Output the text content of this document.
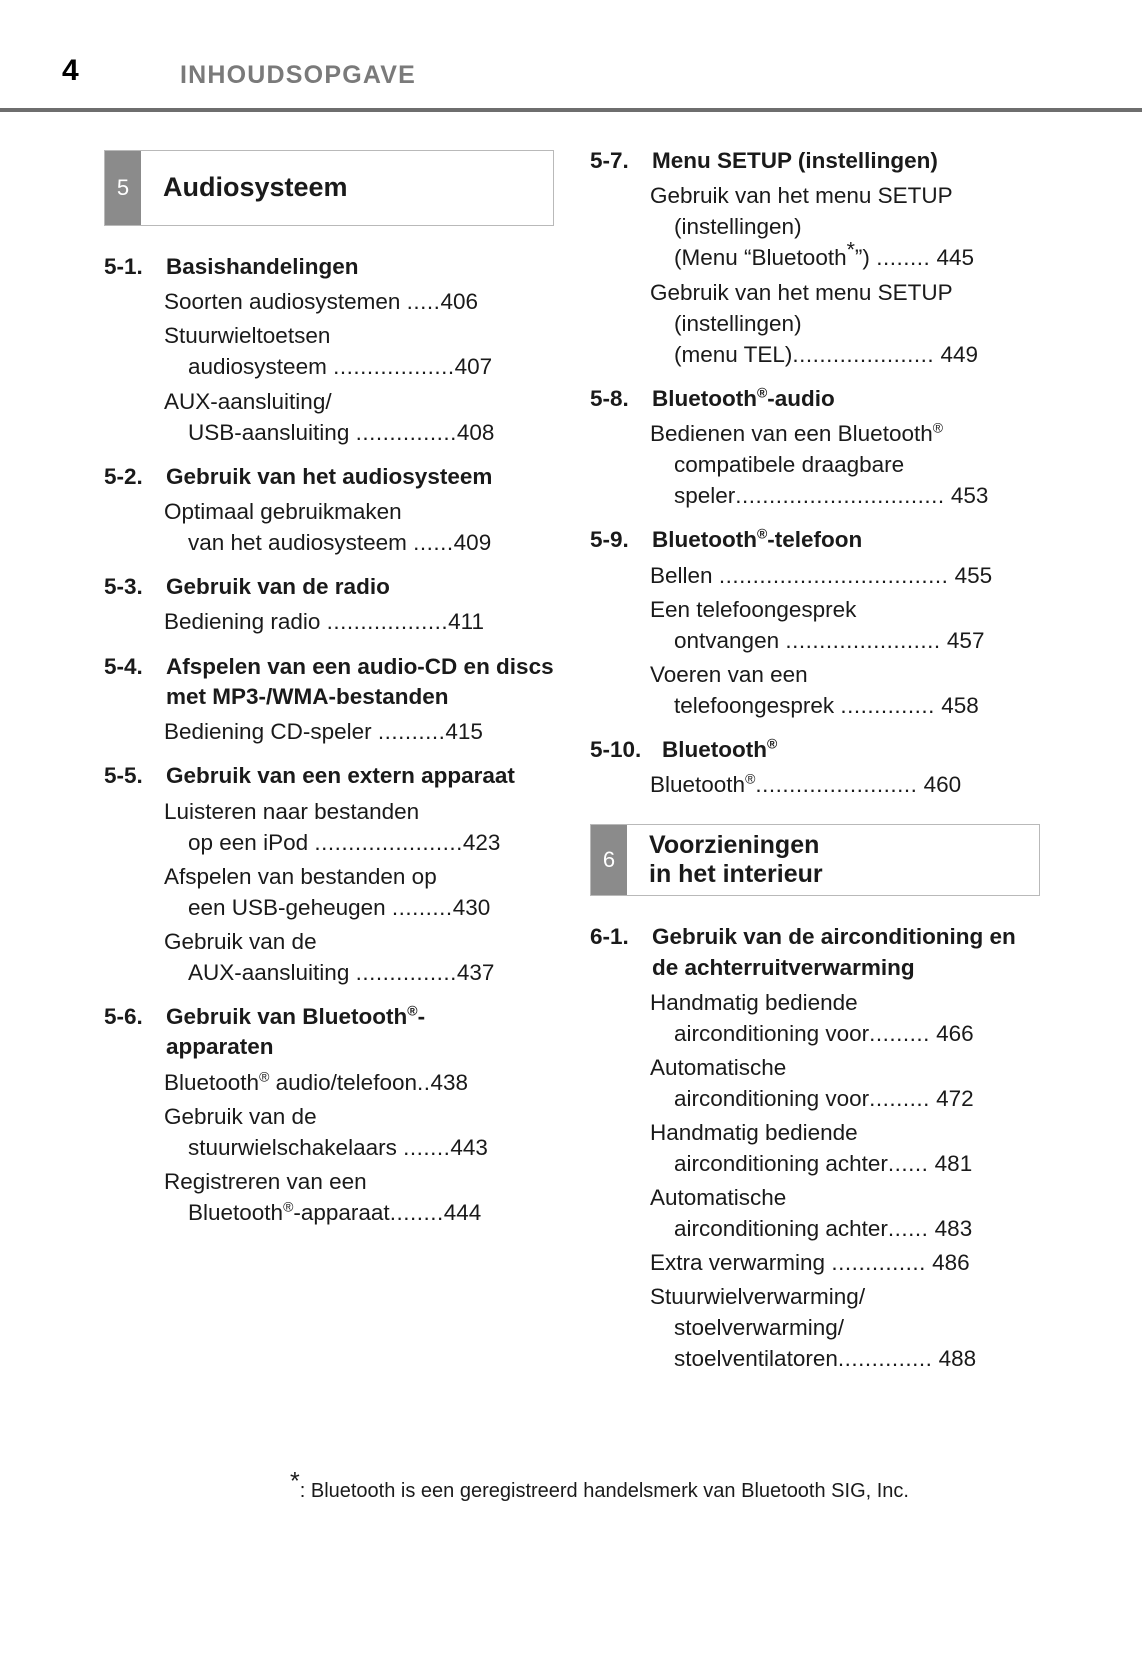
4	INHOUDSOPGAVE
5	Audiosysteem
5-1.	Basishandelingen
Soorten audiosystemen .....406
Stuurwieltoetsen
audiosysteem ..................407
AUX-aansluiting/
USB-aansluiting ...............408
5-2.	Gebruik van het audiosysteem
Optimaal gebruikmaken
van het audiosysteem ......409
5-3.	Gebruik van de radio
Bediening radio ..................411
5-4.	Afspelen van een audio-CD en discs met MP3-/WMA-bestanden
Bediening CD-speler ..........415
5-5.	Gebruik van een extern apparaat
Luisteren naar bestanden
op een iPod ......................423
Afspelen van bestanden op
een USB-geheugen .........430
Gebruik van de
AUX-aansluiting ...............437
5-6.	Gebruik van Bluetooth®-
apparaten
Bluetooth® audio/telefoon..438
Gebruik van de
stuurwielschakelaars .......443
Registreren van een
Bluetooth®-apparaat........444
5-7.	Menu SETUP (instellingen)
Gebruik van het menu SETUP
(instellingen)
(Menu “Bluetooth*”) ........ 445
Gebruik van het menu SETUP
(instellingen)
(menu TEL)..................... 449
5-8.	Bluetooth®-audio
Bedienen van een Bluetooth®
compatibele draagbare
speler............................... 453
5-9.	Bluetooth®-telefoon
Bellen .................................. 455
Een telefoongesprek
ontvangen ....................... 457
Voeren van een
telefoongesprek .............. 458
5-10. Bluetooth®
Bluetooth®........................ 460
6
Voorzieningen
in het interieur
6-1.	Gebruik van de airconditioning en de achterruitverwarming
Handmatig bediende
airconditioning voor......... 466
Automatische
airconditioning voor......... 472
Handmatig bediende
airconditioning achter...... 481
Automatische
airconditioning achter...... 483
Extra verwarming .............. 486
Stuurwielverwarming/
stoelverwarming/
stoelventilatoren.............. 488
*: Bluetooth is een geregistreerd handelsmerk van Bluetooth SIG, Inc.
